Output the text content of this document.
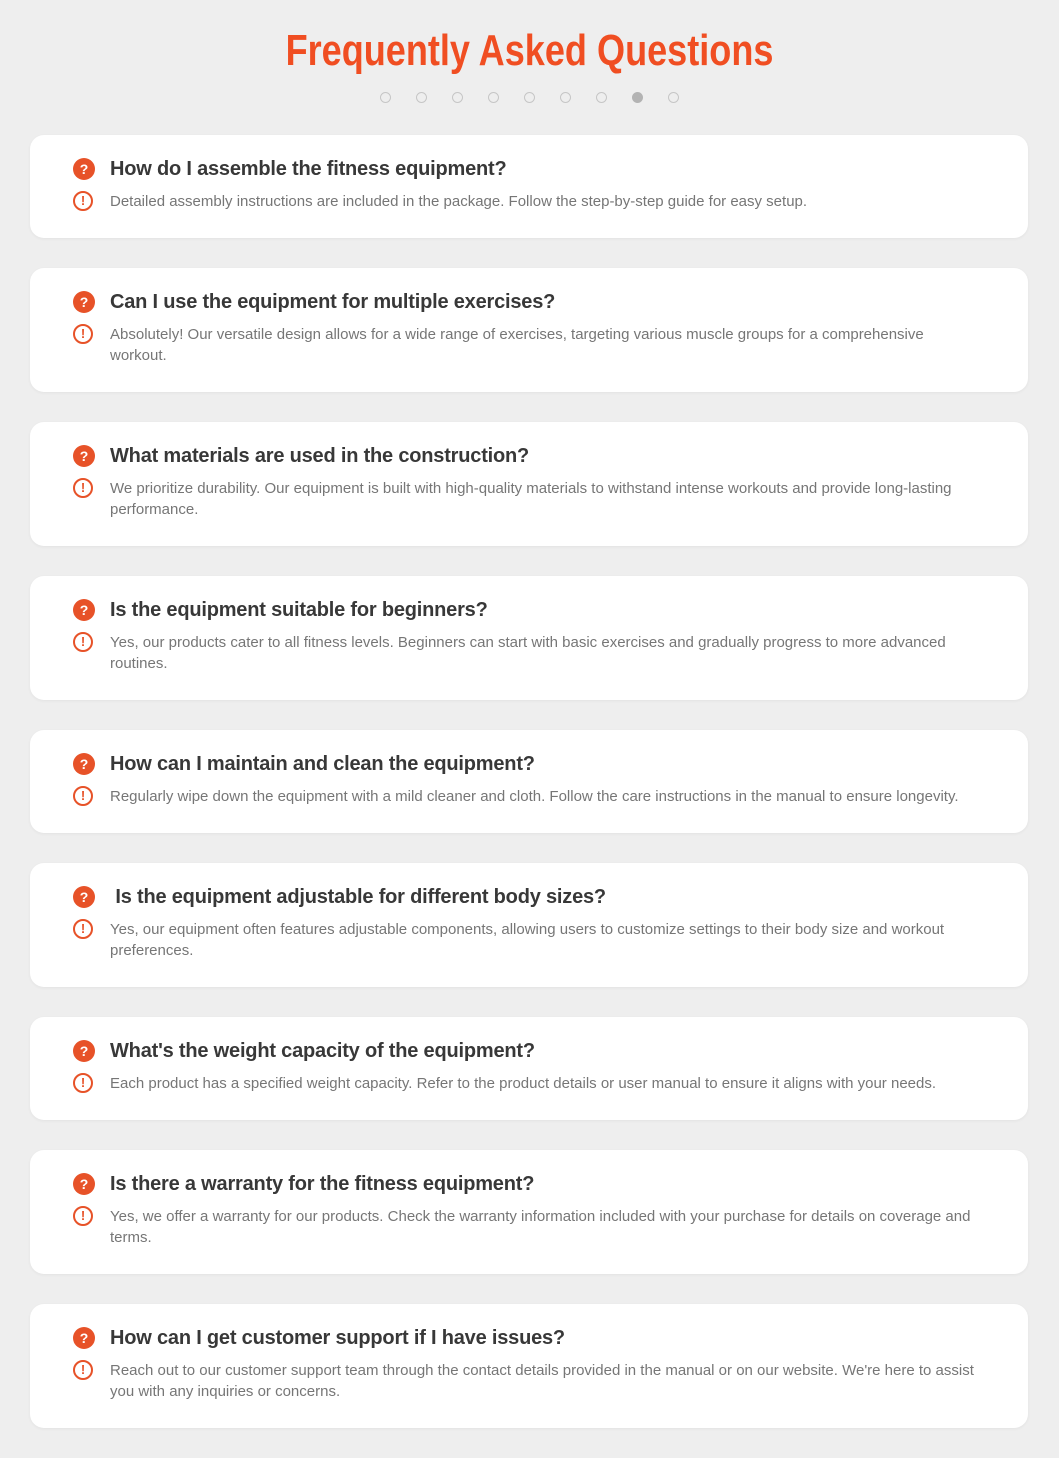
Frequently Asked Questions
?	How do I assemble the fitness equipment?
!	Detailed assembly instructions are included in the package. Follow the step-by-step guide for easy setup.

?	Can I use the equipment for multiple exercises?
!	Absolutely! Our versatile design allows for a wide range of exercises, targeting various muscle groups for a comprehensive workout.

?	What materials are used in the construction?
!	We prioritize durability. Our equipment is built with high-quality materials to withstand intense workouts and provide long-lasting performance.

?	Is the equipment suitable for beginners?
!	Yes, our products cater to all fitness levels. Beginners can start with basic exercises and gradually progress to more advanced routines.

?	How can I maintain and clean the equipment?
!	Regularly wipe down the equipment with a mild cleaner and cloth. Follow the care instructions in the manual to ensure longevity.

?	Is the equipment adjustable for different body sizes?
!	Yes, our equipment often features adjustable components, allowing users to customize settings to their body size and workout preferences.

?	What's the weight capacity of the equipment?
!	Each product has a specified weight capacity. Refer to the product details or user manual to ensure it aligns with your needs.

?	Is there a warranty for the fitness equipment?
!	Yes, we offer a warranty for our products. Check the warranty information included with your purchase for details on coverage and terms.

?	How can I get customer support if I have issues?
!	Reach out to our customer support team through the contact details provided in the manual or on our website. We're here to assist you with any inquiries or concerns.
